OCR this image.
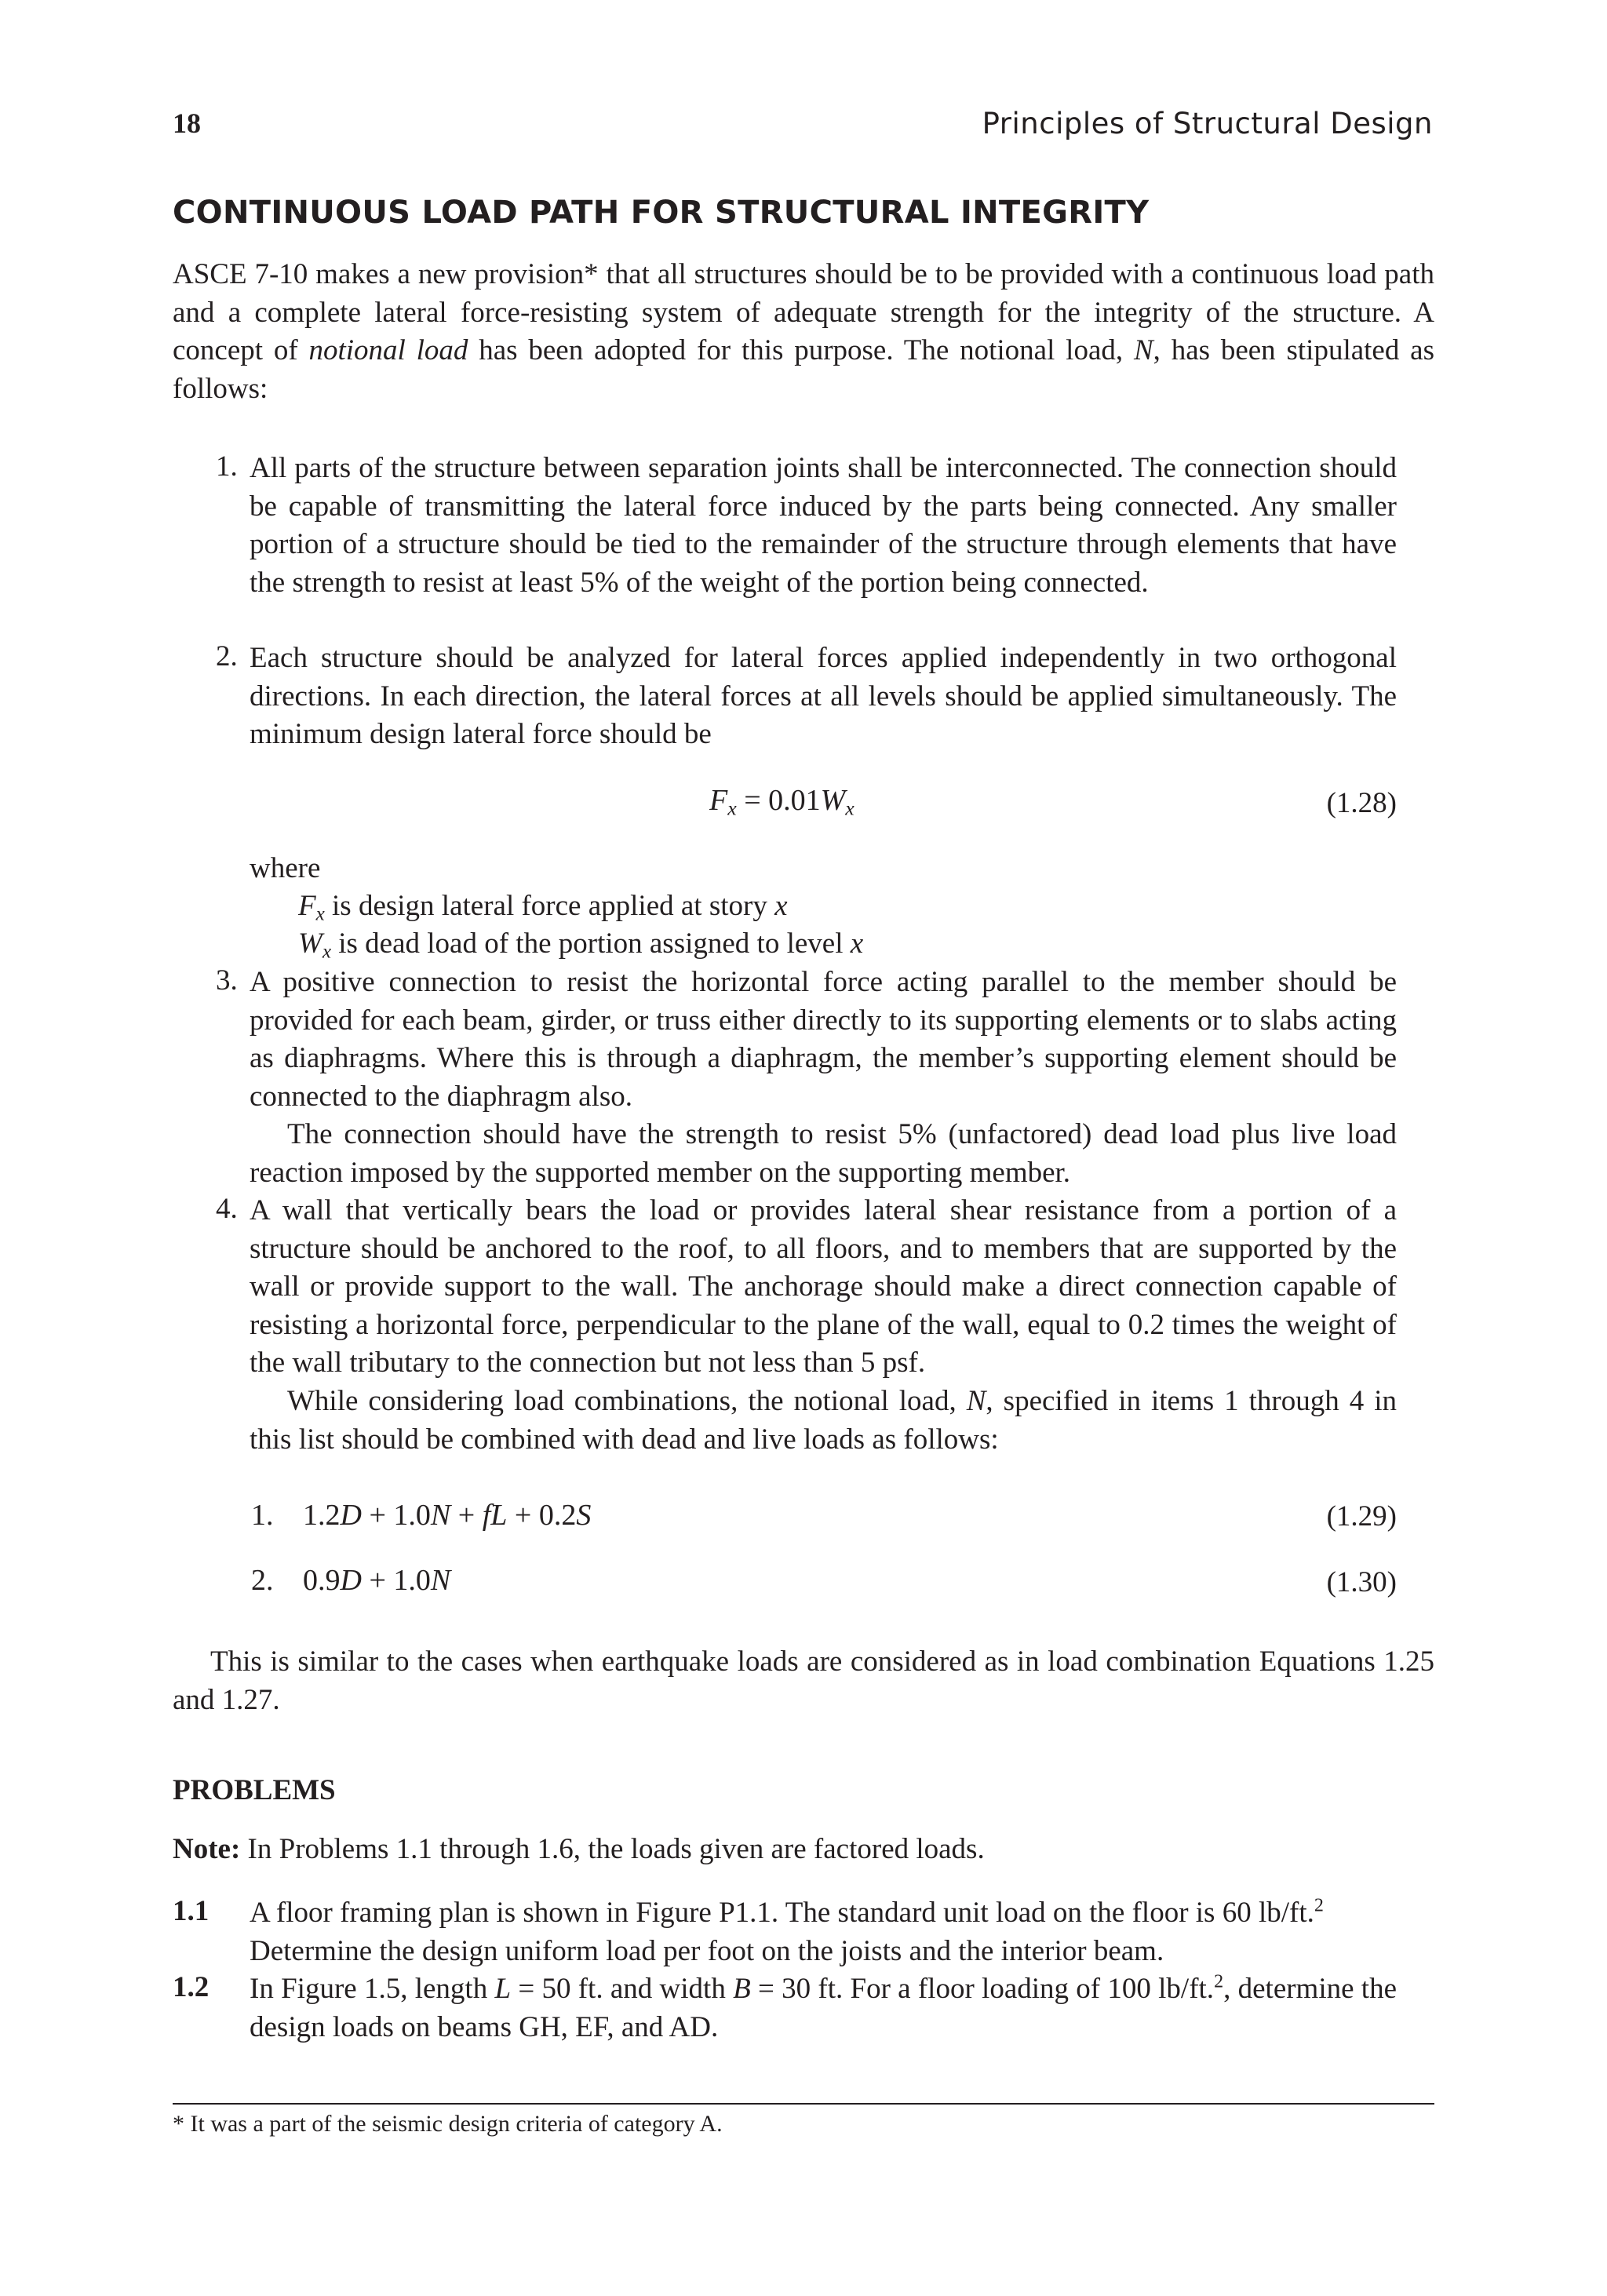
18	Principles of Structural Design
CONTINUOUS LOAD PATH FOR STRUCTURAL INTEGRITY
ASCE 7-10 makes a new provision* that all structures should be to be provided with a continuous load path and a complete lateral force-resisting system of adequate strength for the integrity of the structure. A concept of notional load has been adopted for this purpose. The notional load, N, has been stipulated as follows:
1. All parts of the structure between separation joints shall be interconnected. The connection should be capable of transmitting the lateral force induced by the parts being connected. Any smaller portion of a structure should be tied to the remainder of the structure through elements that have the strength to resist at least 5% of the weight of the portion being connected.
2. Each structure should be analyzed for lateral forces applied independently in two orthogonal directions. In each direction, the lateral forces at all levels should be applied simultaneously. The minimum design lateral force should be
$F_x = 0.01W_x$	(1.28)
where
$F_x$ is design lateral force applied at story x
$W_x$ is dead load of the portion assigned to level x
3. A positive connection to resist the horizontal force acting parallel to the member should be provided for each beam, girder, or truss either directly to its supporting elements or to slabs acting as diaphragms. Where this is through a diaphragm, the member’s supporting element should be connected to the diaphragm also.
The connection should have the strength to resist 5% (unfactored) dead load plus live load reaction imposed by the supported member on the supporting member.
4. A wall that vertically bears the load or provides lateral shear resistance from a portion of a structure should be anchored to the roof, to all floors, and to members that are supported by the wall or provide support to the wall. The anchorage should make a direct connection capable of resisting a horizontal force, perpendicular to the plane of the wall, equal to 0.2 times the weight of the wall tributary to the connection but not less than 5 psf.
While considering load combinations, the notional load, N, specified in items 1 through 4 in this list should be combined with dead and live loads as follows:
1. 1.2D + 1.0N + fL + 0.2S	(1.29)
2. 0.9D + 1.0N	(1.30)
This is similar to the cases when earthquake loads are considered as in load combination Equations 1.25 and 1.27.
PROBLEMS
Note: In Problems 1.1 through 1.6, the loads given are factored loads.
1.1 A floor framing plan is shown in Figure P1.1. The standard unit load on the floor is 60 lb/ft.$^2$
Determine the design uniform load per foot on the joists and the interior beam.
1.2 In Figure 1.5, length L = 50 ft. and width B = 30 ft. For a floor loading of 100 lb/ft.$^2$, determine the design loads on beams GH, EF, and AD.
* It was a part of the seismic design criteria of category A.
